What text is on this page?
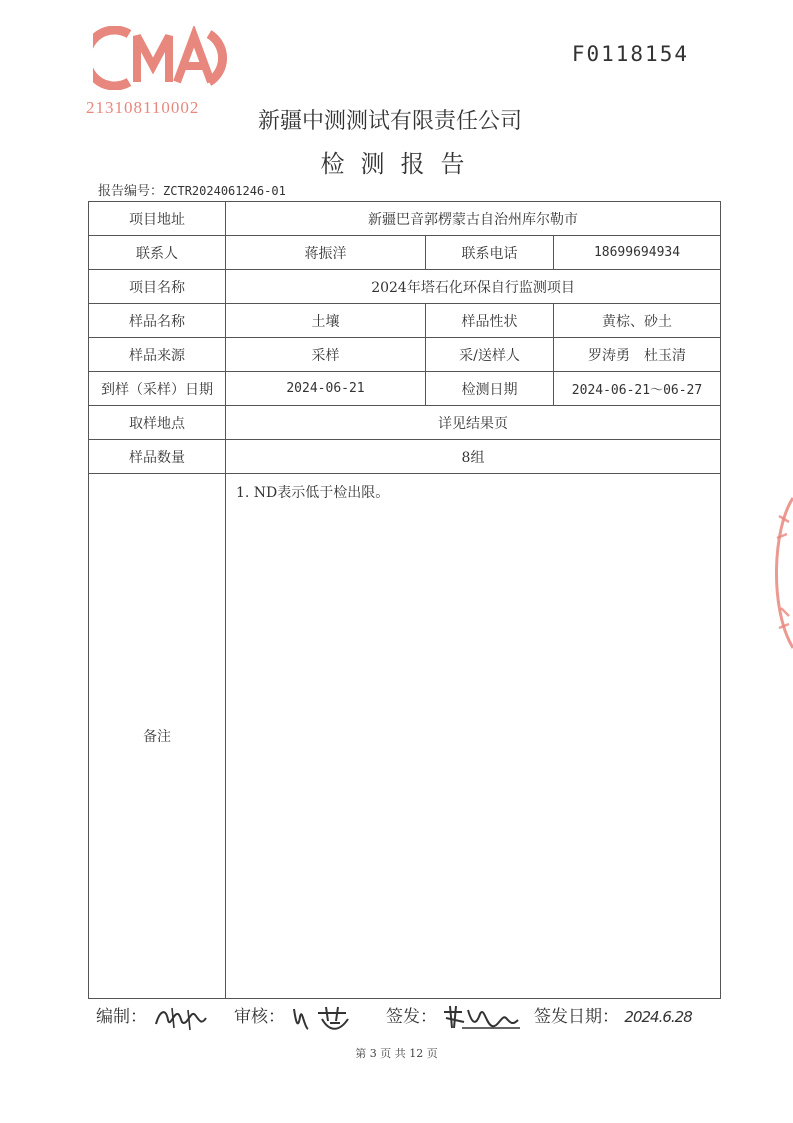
213108110002
F0118154
新疆中测测试有限责任公司
检测报告
报告编号：ZCTR2024061246-01
项目地址	新疆巴音郭楞蒙古自治州库尔勒市		
联系人	蒋振洋	联系电话	18699694934
项目名称	2024年塔石化环保自行监测项目		
样品名称	土壤	样品性状	黄棕、砂土
样品来源	采样	采/送样人	罗涛勇　杜玉清
到样（采样）日期	2024-06-21	检测日期	2024-06-21～06-27
取样地点	详见结果页		
样品数量	8组		
备注	1. ND表示低于检出限。		
编制：	审核：	签发：	签发日期： 2024.6.28
第 3 页 共 12 页
